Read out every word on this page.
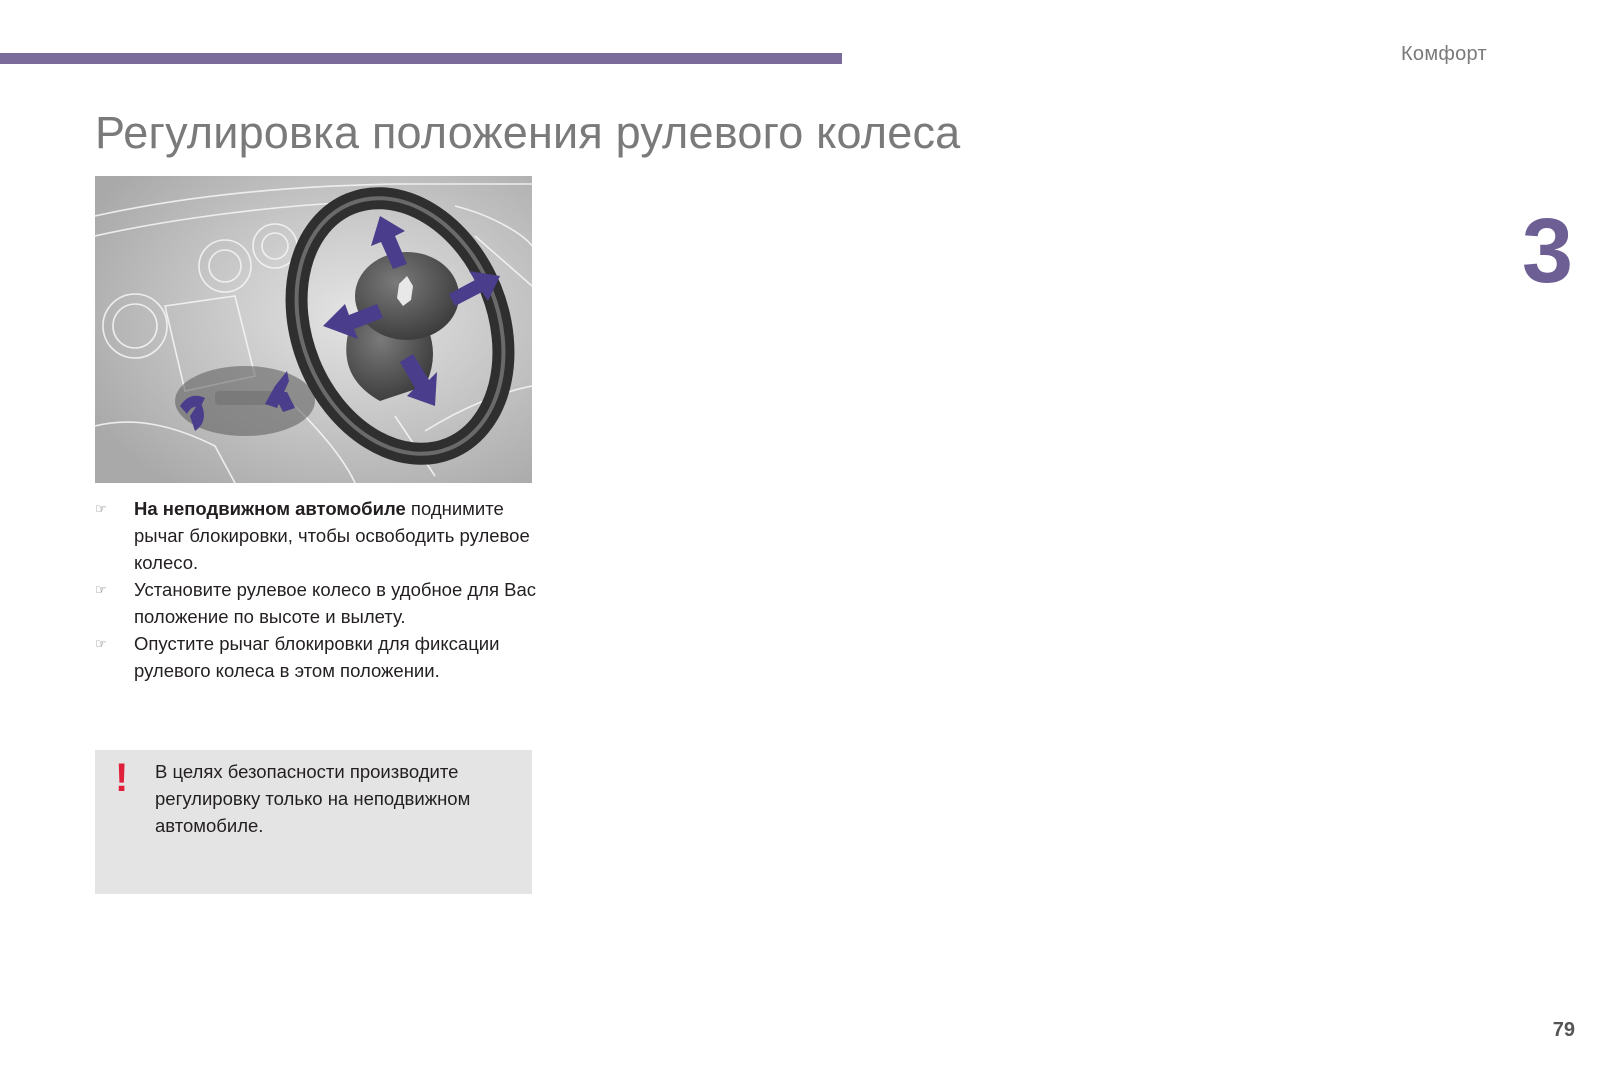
Комфорт
3
Регулировка положения рулевого колеса
☞ На неподвижном автомобиле поднимите рычаг блокировки, чтобы освободить рулевое колесо.
☞ Установите рулевое колесо в удобное для Вас положение по высоте и вылету.
☞ Опустите рычаг блокировки для фиксации рулевого колеса в этом положении.
! В целях безопасности производите регулировку только на неподвижном автомобиле.
79
